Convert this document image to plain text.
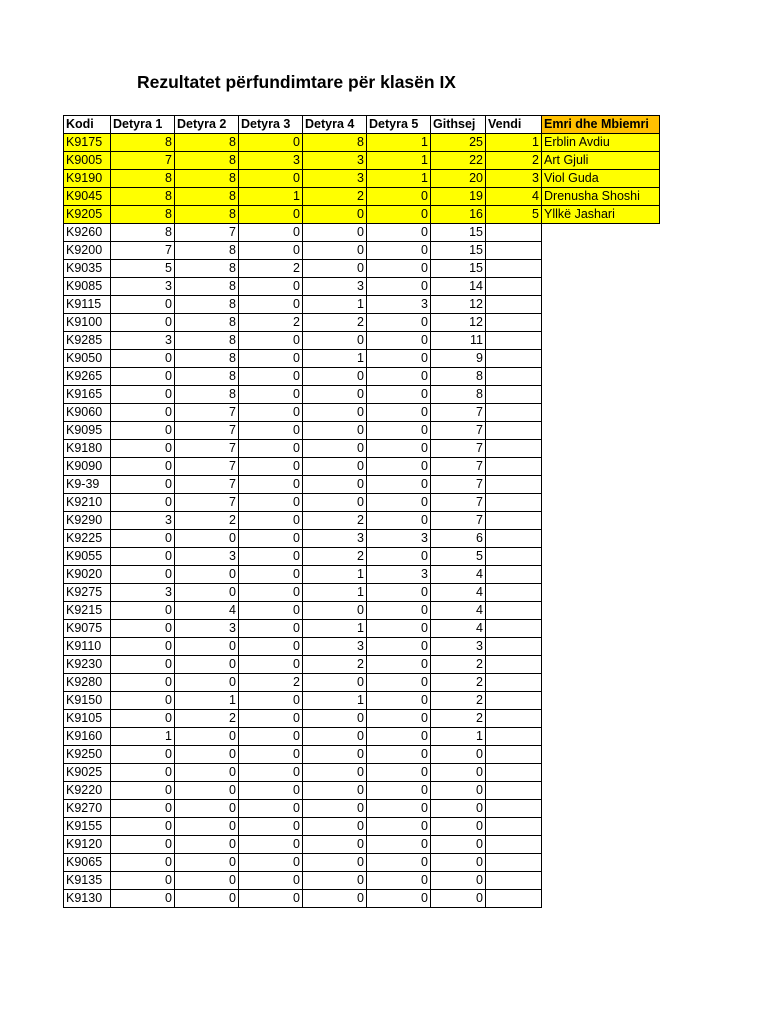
Rezultatet përfundimtare për klasën IX
Kodi	Detyra 1	Detyra 2	Detyra 3	Detyra 4	Detyra 5	Githsej	Vendi	Emri dhe Mbiemri
K9175	8	8	0	8	1	25	1	Erblin Avdiu
K9005	7	8	3	3	1	22	2	Art Gjuli
K9190	8	8	0	3	1	20	3	Viol Guda
K9045	8	8	1	2	0	19	4	Drenusha Shoshi
K9205	8	8	0	0	0	16	5	Yllkë Jashari
K9260	8	7	0	0	0	15		
K9200	7	8	0	0	0	15		
K9035	5	8	2	0	0	15		
K9085	3	8	0	3	0	14		
K9115	0	8	0	1	3	12		
K9100	0	8	2	2	0	12		
K9285	3	8	0	0	0	11		
K9050	0	8	0	1	0	9		
K9265	0	8	0	0	0	8		
K9165	0	8	0	0	0	8		
K9060	0	7	0	0	0	7		
K9095	0	7	0	0	0	7		
K9180	0	7	0	0	0	7		
K9090	0	7	0	0	0	7		
K9-39	0	7	0	0	0	7		
K9210	0	7	0	0	0	7		
K9290	3	2	0	2	0	7		
K9225	0	0	0	3	3	6		
K9055	0	3	0	2	0	5		
K9020	0	0	0	1	3	4		
K9275	3	0	0	1	0	4		
K9215	0	4	0	0	0	4		
K9075	0	3	0	1	0	4		
K9110	0	0	0	3	0	3		
K9230	0	0	0	2	0	2		
K9280	0	0	2	0	0	2		
K9150	0	1	0	1	0	2		
K9105	0	2	0	0	0	2		
K9160	1	0	0	0	0	1		
K9250	0	0	0	0	0	0		
K9025	0	0	0	0	0	0		
K9220	0	0	0	0	0	0		
K9270	0	0	0	0	0	0		
K9155	0	0	0	0	0	0		
K9120	0	0	0	0	0	0		
K9065	0	0	0	0	0	0		
K9135	0	0	0	0	0	0		
K9130	0	0	0	0	0	0		
